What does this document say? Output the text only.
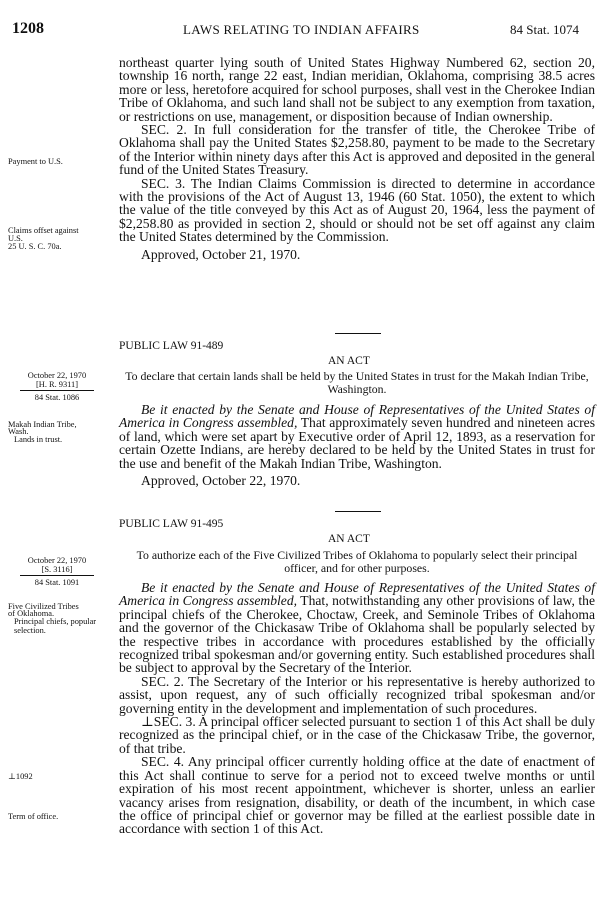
1208	LAWS RELATING TO INDIAN AFFAIRS	84 Stat. 1074

northeast quarter lying south of United States Highway Numbered 62, section 20, township 16 north, range 22 east, Indian meridian, Oklahoma, comprising 38.5 acres more or less, heretofore acquired for school purposes, shall vest in the Cherokee Indian Tribe of Oklahoma, and such land shall not be subject to any exemption from taxation, or restrictions on use, management, or disposition because of Indian ownership.

SEC. 2. In full consideration for the transfer of title, the Cherokee Tribe of Oklahoma shall pay the United States $2,258.80, payment to be made to the Secretary of the Interior within ninety days after this Act is approved and deposited in the general fund of the United States Treasury.

SEC. 3. The Indian Claims Commission is directed to determine in accordance with the provisions of the Act of August 13, 1946 (60 Stat. 1050), the extent to which the value of the title conveyed by this Act as of August 20, 1964, less the payment of $2,258.80 as provided in section 2, should or should not be set off against any claim the United States determined by the Commission.

Approved, October 21, 1970.

Payment to U.S.
Claims offset against
U.S.
25 U. S. C. 70a.
PUBLIC LAW 91-489
AN ACT
To declare that certain lands shall be held by the United States in trust for the Makah Indian Tribe, Washington.
October 22, 1970
[H. R. 9311]
84 Stat. 1086

Be it enacted by the Senate and House of Representatives of the United States of America in Congress assembled, That approximately seven hundred and nineteen acres of land, which were set apart by Executive order of April 12, 1893, as a reservation for certain Ozette Indians, are hereby declared to be held by the United States in trust for the use and benefit of the Makah Indian Tribe, Washington.

Approved, October 22, 1970.

Makah Indian Tribe,
Wash.
Lands in trust.
PUBLIC LAW 91-495
AN ACT
To authorize each of the Five Civilized Tribes of Oklahoma to popularly select their principal officer, and for other purposes.
October 22, 1970
[S. 3116]
84 Stat. 1091	Be it enacted by the Senate and House of Representatives of the United States of America in Congress assembled, That, notwithstanding any other provisions of law, the principal chiefs of the Cherokee, Choctaw, Creek, and Seminole Tribes of Oklahoma and the governor of the Chickasaw Tribe of Oklahoma shall be popularly selected by the respective tribes in accordance with procedures established by the officially recognized tribal spokesman and/or governing entity. Such established procedures shall be subject to approval by the Secretary of the Interior.

SEC. 2. The Secretary of the Interior or his representative is hereby authorized to assist, upon request, any of such officially recognized tribal spokesman and/or governing entity in the development and implementation of such procedures.

⊥SEC. 3. A principal officer selected pursuant to section 1 of this Act shall be duly recognized as the principal chief, or in the case of the Chickasaw Tribe, the governor, of that tribe.

SEC. 4. Any principal officer currently holding office at the date of enactment of this Act shall continue to serve for a period not to exceed twelve months or until expiration of his most recent appointment, whichever is shorter, unless an earlier vacancy arises from resignation, disability, or death of the incumbent, in which case the office of principal chief or governor may be filled at the earliest possible date in accordance with section 1 of this Act.

Five Civilized Tribes
of Oklahoma.
Principal chiefs, popular selection.
⊥1092
Term of office.
